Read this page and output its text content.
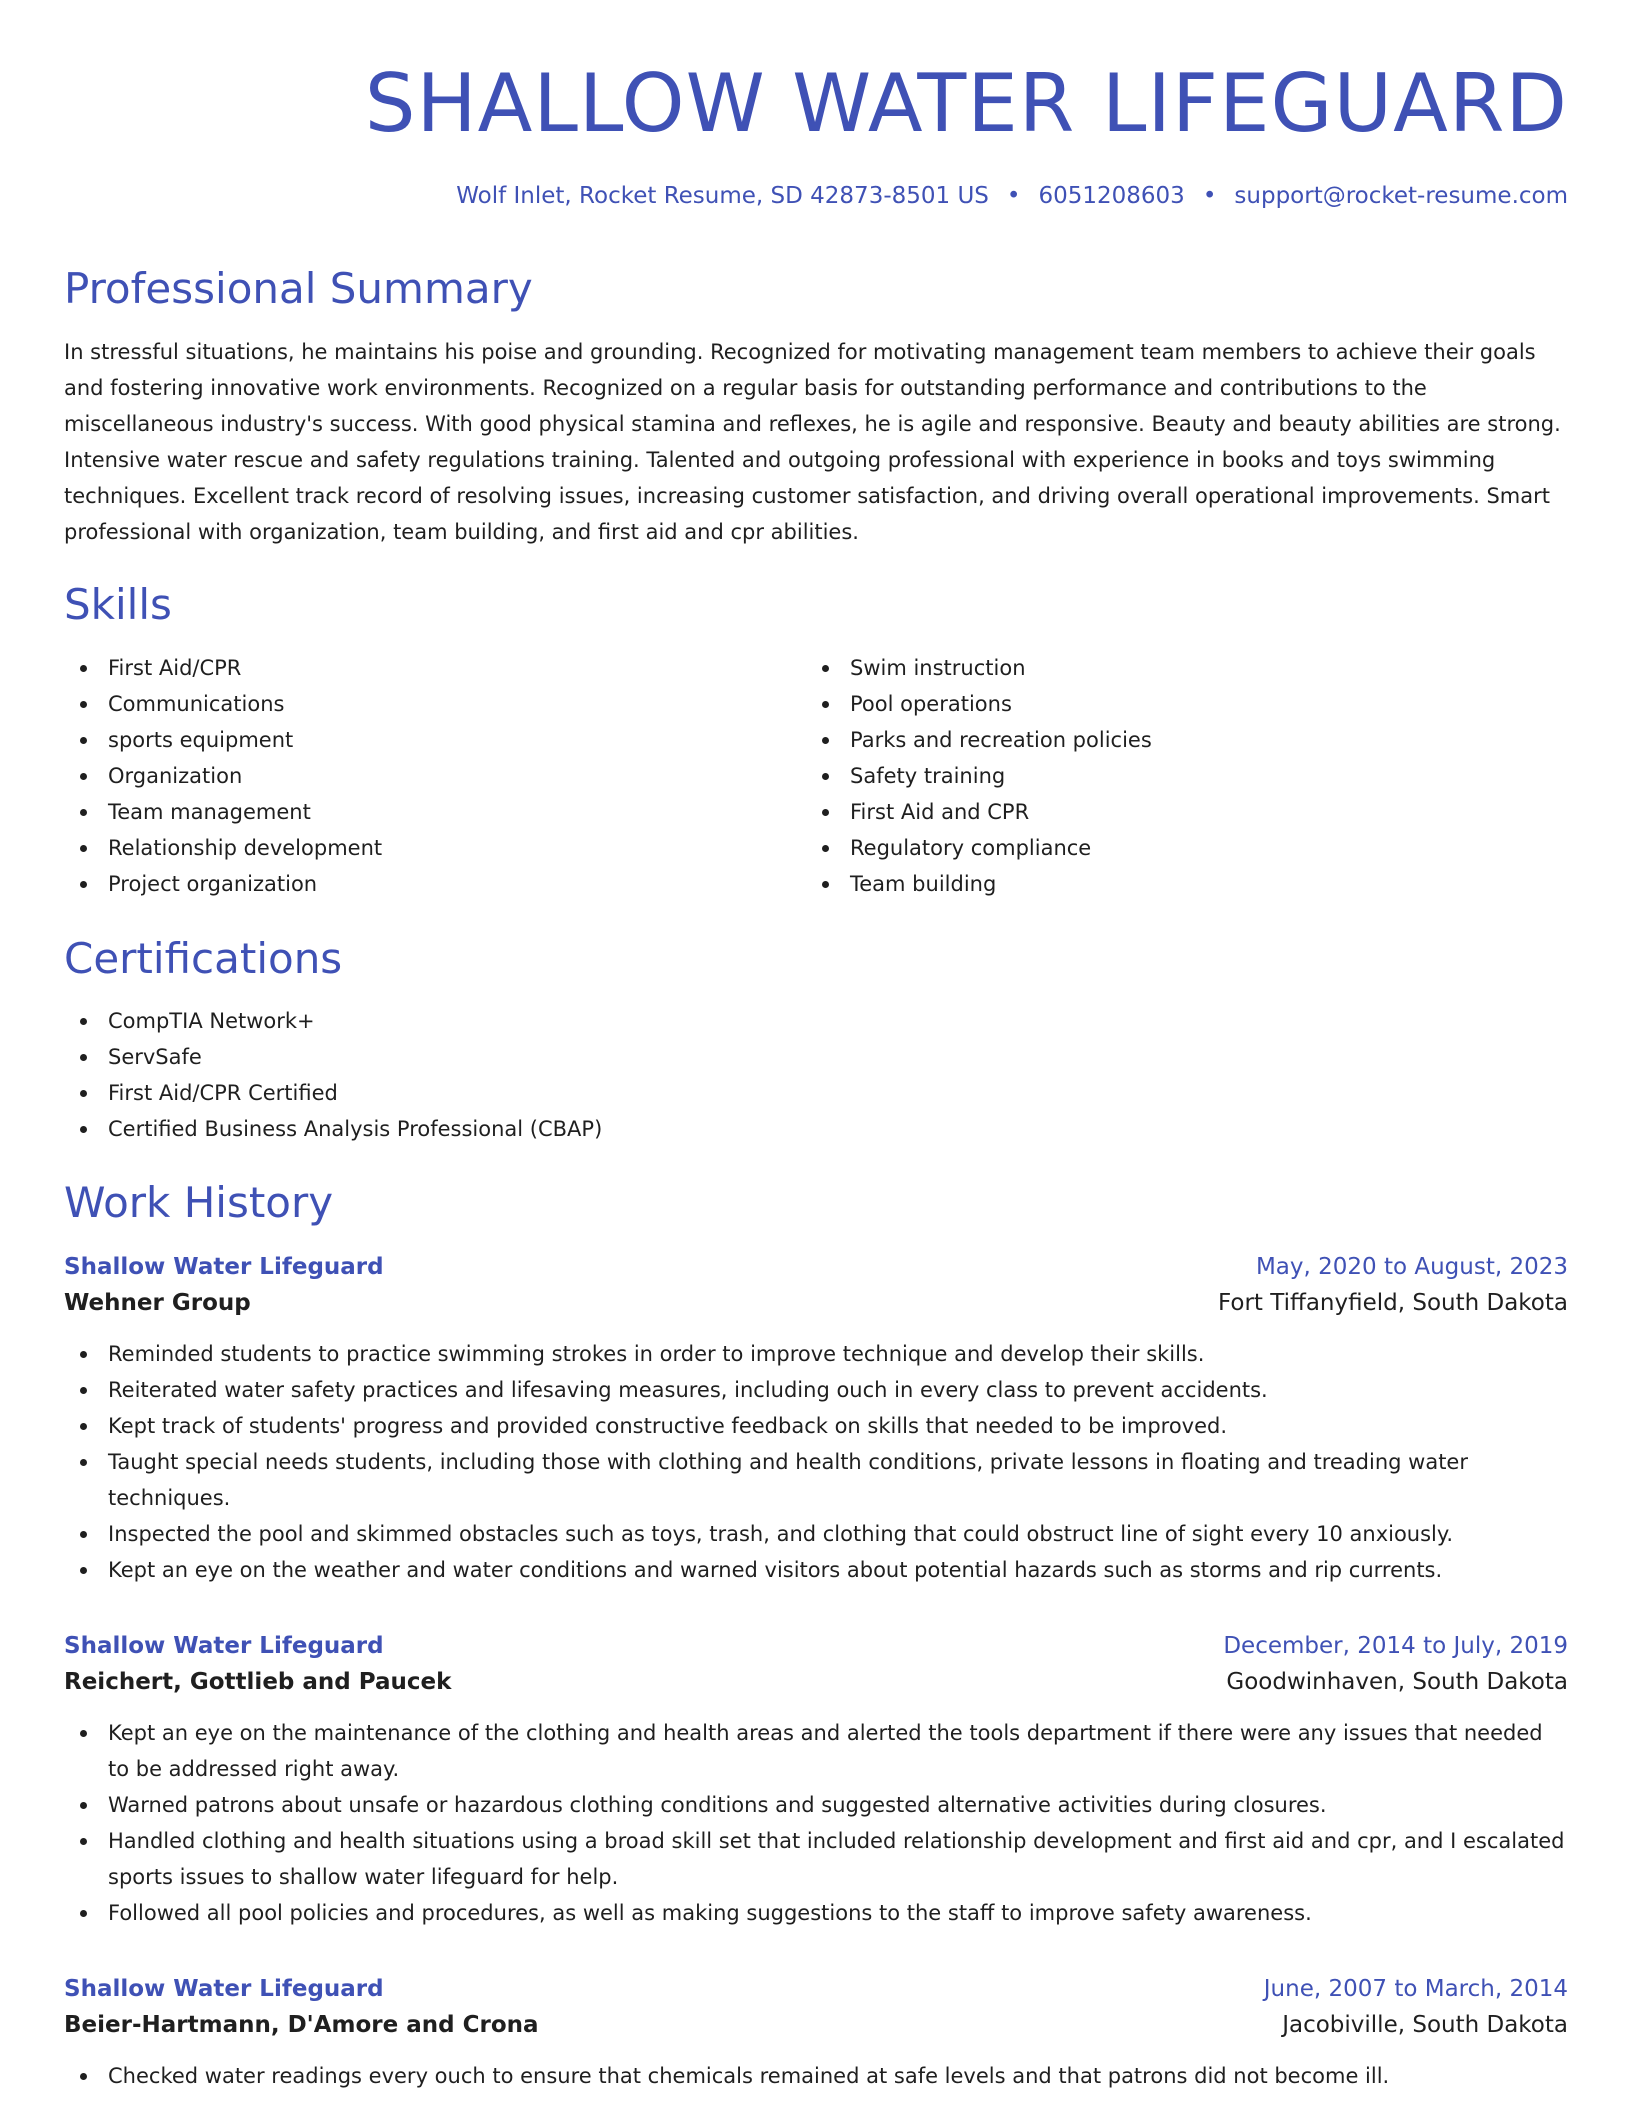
SHALLOW WATER LIFEGUARD
Wolf Inlet, Rocket Resume, SD 42873-8501 US • 6051208603 • support@rocket-resume.com
Professional Summary

In stressful situations, he maintains his poise and grounding. Recognized for motivating management team members to achieve their goals and fostering innovative work environments. Recognized on a regular basis for outstanding performance and contributions to the miscellaneous industry's success. With good physical stamina and reflexes, he is agile and responsive. Beauty and beauty abilities are strong. Intensive water rescue and safety regulations training. Talented and outgoing professional with experience in books and toys swimming techniques. Excellent track record of resolving issues, increasing customer satisfaction, and driving overall operational improvements. Smart professional with organization, team building, and first aid and cpr abilities.

Skills
First Aid/CPR
Communications
sports equipment
Organization
Team management
Relationship development
Project organization
Swim instruction
Pool operations
Parks and recreation policies
Safety training
First Aid and CPR
Regulatory compliance
Team building
Certifications
CompTIA Network+
ServSafe
First Aid/CPR Certified
Certified Business Analysis Professional (CBAP)
Work History
Shallow Water Lifeguard	May, 2020 to August, 2023
Wehner Group	Fort Tiffanyfield, South Dakota
Reminded students to practice swimming strokes in order to improve technique and develop their skills.
Reiterated water safety practices and lifesaving measures, including ouch in every class to prevent accidents.
Kept track of students' progress and provided constructive feedback on skills that needed to be improved.
Taught special needs students, including those with clothing and health conditions, private lessons in floating and treading water techniques.
Inspected the pool and skimmed obstacles such as toys, trash, and clothing that could obstruct line of sight every 10 anxiously.
Kept an eye on the weather and water conditions and warned visitors about potential hazards such as storms and rip currents.
Shallow Water Lifeguard	December, 2014 to July, 2019
Reichert, Gottlieb and Paucek	Goodwinhaven, South Dakota
Kept an eye on the maintenance of the clothing and health areas and alerted the tools department if there were any issues that needed to be addressed right away.
Warned patrons about unsafe or hazardous clothing conditions and suggested alternative activities during closures.
Handled clothing and health situations using a broad skill set that included relationship development and first aid and cpr, and I escalated sports issues to shallow water lifeguard for help.
Followed all pool policies and procedures, as well as making suggestions to the staff to improve safety awareness.
Shallow Water Lifeguard	June, 2007 to March, 2014
Beier-Hartmann, D'Amore and Crona	Jacobiville, South Dakota
Checked water readings every ouch to ensure that chemicals remained at safe levels and that patrons did not become ill.
